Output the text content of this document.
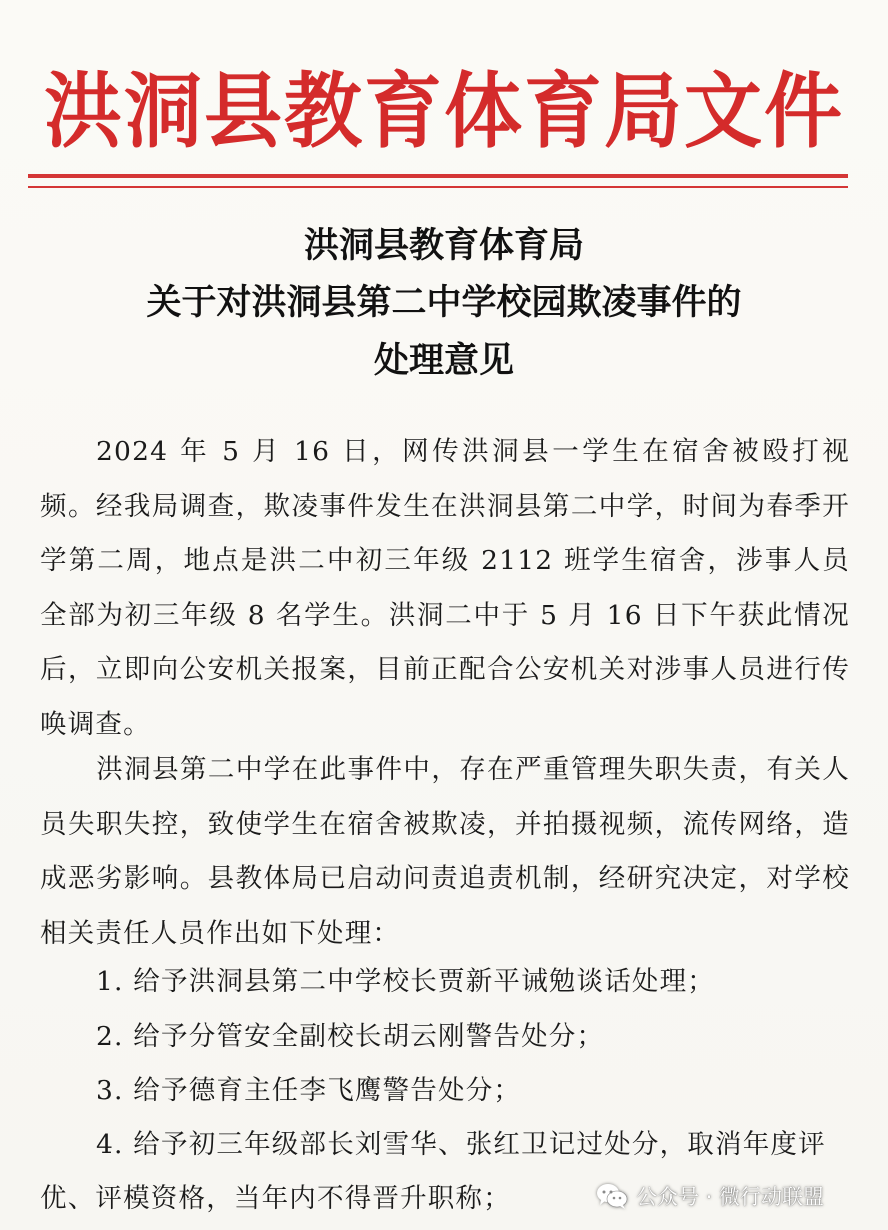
洪洞县教育体育局文件
洪洞县教育体育局
关于对洪洞县第二中学校园欺凌事件的
处理意见
2024 年 5 月 16 日，网传洪洞县一学生在宿舍被殴打视频。经我局调查，欺凌事件发生在洪洞县第二中学，时间为春季开学第二周，地点是洪二中初三年级 2112 班学生宿舍，涉事人员全部为初三年级 8 名学生。洪洞二中于 5 月 16 日下午获此情况后，立即向公安机关报案，目前正配合公安机关对涉事人员进行传唤调查。
洪洞县第二中学在此事件中，存在严重管理失职失责，有关人员失职失控，致使学生在宿舍被欺凌，并拍摄视频，流传网络，造成恶劣影响。县教体局已启动问责追责机制，经研究决定，对学校相关责任人员作出如下处理：
1. 给予洪洞县第二中学校长贾新平诫勉谈话处理；
2. 给予分管安全副校长胡云刚警告处分；
3. 给予德育主任李飞鹰警告处分；
4. 给予初三年级部长刘雪华、张红卫记过处分，取消年度评
优、评模资格，当年内不得晋升职称；	公众号 · 微行动联盟
